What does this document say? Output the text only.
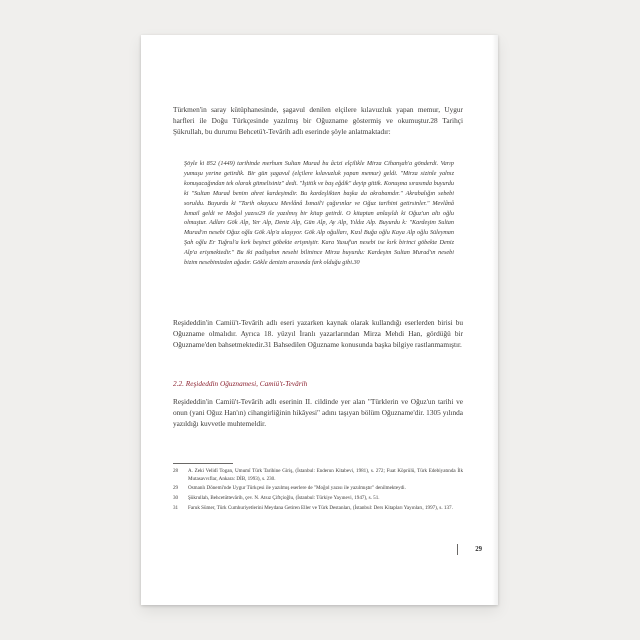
Türkmen'in saray kütüphanesinde, şagavul denilen elçilere kılavuzluk yapan memur, Uygur harfleri ile Doğu Türkçesinde yazılmış bir Oğuzname göstermiş ve okumuştur.28 Tarihçi Şükrullah, bu durumu Behcetü't-Tevârih adlı eserinde şöyle anlatmaktadır:

Şöyle ki 852 (1449) tarihinde merhum Sultan Murad bu âcizi elçilikle Mirza Cihanşah'a gönderdi. Varıp yumuşu yerine getirdik. Bir gün şagavul (elçilere kılavuzluk yapan memur) geldi. "Mirza sizinle yalnız konuşacağından tek olarak gitmelisiniz" dedi. "İştitik ve baş eğdik" deyip gittik. Konuşma sırasında buyurdu ki "Sultan Murad benim ahret kardeşimdir. Bu kardeşlikten başka da akrabamdır." Akrabalığın sebebi soruldu. Buyurdu ki "Tarih okuyucu Mevlânâ İsmail'i çağırınlar ve Oğuz tarihini getirsinler." Mevlânâ İsmail geldi ve Moğol yazısı29 ile yazılmış bir kitap getirdi. O kitaptan anlaşıldı ki Oğuz'un altı oğlu olmuştur. Adları Gök Alp, Yer Alp, Deniz Alp, Gün Alp, Ay Alp, Yıldız Alp. Buyurdu k: "Kardeşim Sultan Murad'ın nesebi Oğuz oğlu Gök Alp'a ulaşıyor. Gök Alp oğulları, Kızıl Buğa oğlu Kaya Alp oğlu Süleyman Şah oğlu Er Tuğrul'a kırk beşinci göbekte erişmiştir. Kara Yusuf'un nesebi ise kırk birinci göbekte Deniz Alp'a erişmektedir." Bu iki padişahın nesebi bilinince Mirza buyurdu: Kardeşim Sultan Murad'ın nesebi bizim nesebimizden ağadır. Gökle denizin arasında fark olduğu gibi.30

Reşideddin'in Camiü't-Tevârih adlı eseri yazarken kaynak olarak kullandığı eserlerden birisi bu Oğuzname olmalıdır. Ayrıca 18. yüzyıl İranlı yazarlarından Mirza Mehdi Han, gördüğü bir Oğuzname'den bahsetmektedir.31 Bahsedilen Oğuzname konusunda başka bilgiye rastlanmamıştır.

2.2. Reşideddin Oğuznamesi, Camiü't-Tevârih

Reşideddin'in Camiü't-Tevârih adlı eserinin II. cildinde yer alan "Türklerin ve Oğuz'un tarihi ve onun (yani Oğuz Han'ın) cihangirliğinin hikâyesi" adını taşıyan bölüm Oğuzname'dir. 1305 yılında yazıldığı kuvvetle muhtemeldir.

28	A. Zeki Velidî Togan, Umumî Türk Tarihine Giriş, (İstanbul: Enderun Kitabevi, 1981), s. 272; Fuat Köprülü, Türk Edebiyatında İlk Mutasavvıflar, Ankara: DİB, 1993), s. 230.
29	Osmanlı Dönemi'nde Uygur Türkçesi ile yazılmış eserlere de "Moğol yazısı ile yazılmıştır" denilmekteydi.
30	Şükrullah, Behcetüttevârih, çev. N. Atsız Çiftçioğlu, (İstanbul: Türkiye Yayınevi, 1947), s. 51.
31	Faruk Sümer, Türk Cumhuriyetlerini Meydana Getiren Eller ve Türk Destanları, (İstanbul: Ders Kitapları Yayınları, 1997), s. 137.
29
